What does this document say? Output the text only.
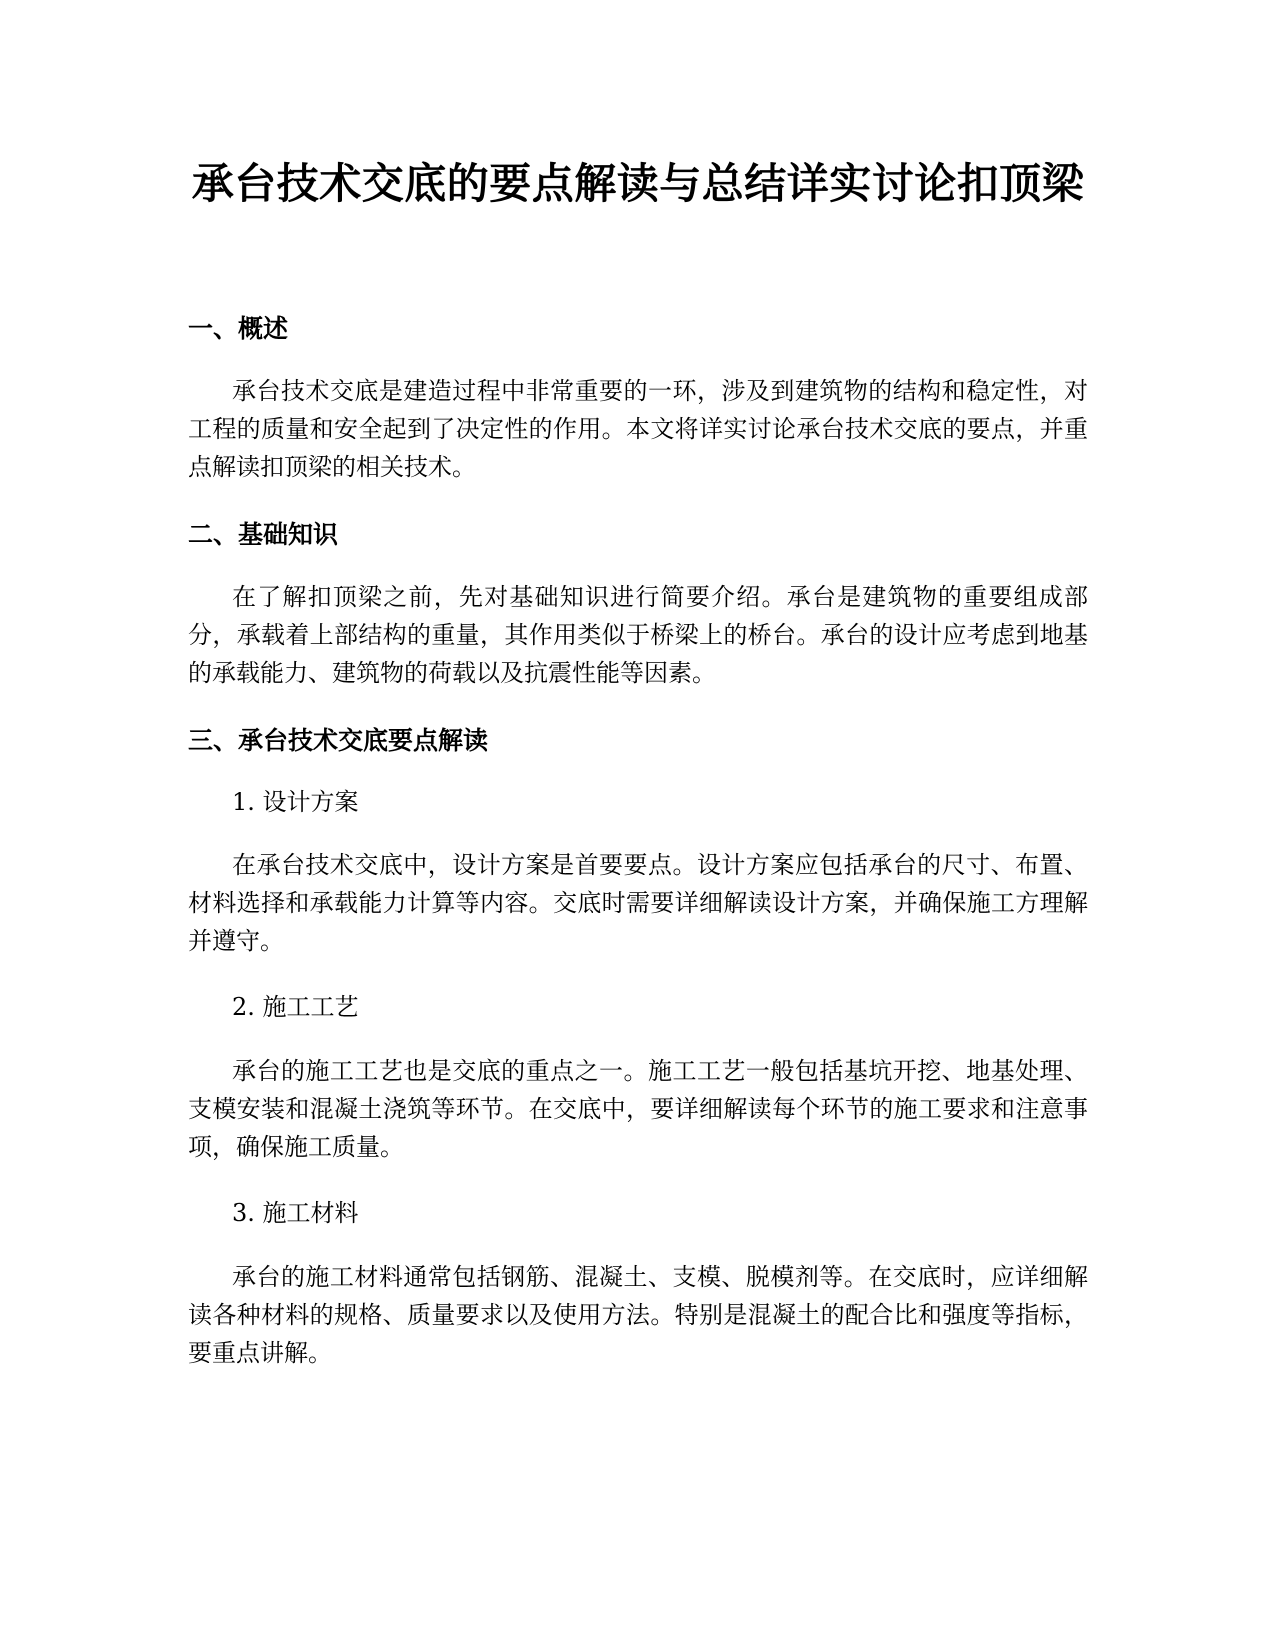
承台技术交底的要点解读与总结详实讨论扣顶梁
一、概述

承台技术交底是建造过程中非常重要的一环，涉及到建筑物的结构和稳定性，对工程的质量和安全起到了决定性的作用。本文将详实讨论承台技术交底的要点，并重点解读扣顶梁的相关技术。

二、基础知识

在了解扣顶梁之前，先对基础知识进行简要介绍。承台是建筑物的重要组成部分，承载着上部结构的重量，其作用类似于桥梁上的桥台。承台的设计应考虑到地基的承载能力、建筑物的荷载以及抗震性能等因素。

三、承台技术交底要点解读

1. 设计方案

在承台技术交底中，设计方案是首要要点。设计方案应包括承台的尺寸、布置、材料选择和承载能力计算等内容。交底时需要详细解读设计方案，并确保施工方理解并遵守。

2. 施工工艺

承台的施工工艺也是交底的重点之一。施工工艺一般包括基坑开挖、地基处理、支模安装和混凝土浇筑等环节。在交底中，要详细解读每个环节的施工要求和注意事项，确保施工质量。

3. 施工材料

承台的施工材料通常包括钢筋、混凝土、支模、脱模剂等。在交底时，应详细解读各种材料的规格、质量要求以及使用方法。特别是混凝土的配合比和强度等指标，要重点讲解。
